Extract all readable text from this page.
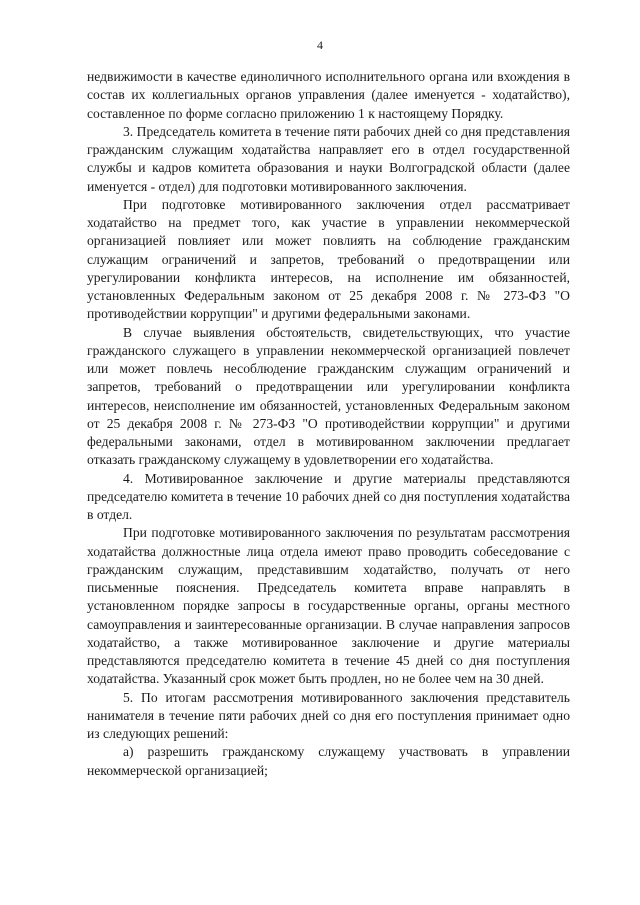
4

недвижимости в качестве единоличного исполнительного органа или вхождения в состав их коллегиальных органов управления (далее именуется - ходатайство), составленное по форме согласно приложению 1 к настоящему Порядку.

3. Председатель комитета в течение пяти рабочих дней со дня представления гражданским служащим ходатайства направляет его в отдел государственной службы и кадров комитета образования и науки Волгоградской области (далее именуется - отдел) для подготовки мотивированного заключения.

При подготовке мотивированного заключения отдел рассматривает ходатайство на предмет того, как участие в управлении некоммерческой организацией повлияет или может повлиять на соблюдение гражданским служащим ограничений и запретов, требований о предотвращении или урегулировании конфликта интересов, на исполнение им обязанностей, установленных Федеральным законом от 25 декабря 2008 г. № 273-ФЗ "О противодействии коррупции" и другими федеральными законами.

В случае выявления обстоятельств, свидетельствующих, что участие гражданского служащего в управлении некоммерческой организацией повлечет или может повлечь несоблюдение гражданским служащим ограничений и запретов, требований о предотвращении или урегулировании конфликта интересов, неисполнение им обязанностей, установленных Федеральным законом от 25 декабря 2008 г. № 273-ФЗ "О противодействии коррупции" и другими федеральными законами, отдел в мотивированном заключении предлагает отказать гражданскому служащему в удовлетворении его ходатайства.

4. Мотивированное заключение и другие материалы представляются председателю комитета в течение 10 рабочих дней со дня поступления ходатайства в отдел.

При подготовке мотивированного заключения по результатам рассмотрения ходатайства должностные лица отдела имеют право проводить собеседование с гражданским служащим, представившим ходатайство, получать от него письменные пояснения. Председатель комитета вправе направлять в установленном порядке запросы в государственные органы, органы местного самоуправления и заинтересованные организации. В случае направления запросов ходатайство, а также мотивированное заключение и другие материалы представляются председателю комитета в течение 45 дней со дня поступления ходатайства. Указанный срок может быть продлен, но не более чем на 30 дней.

5. По итогам рассмотрения мотивированного заключения представитель нанимателя в течение пяти рабочих дней со дня его поступления принимает одно из следующих решений:

а) разрешить гражданскому служащему участвовать в управлении некоммерческой организацией;
